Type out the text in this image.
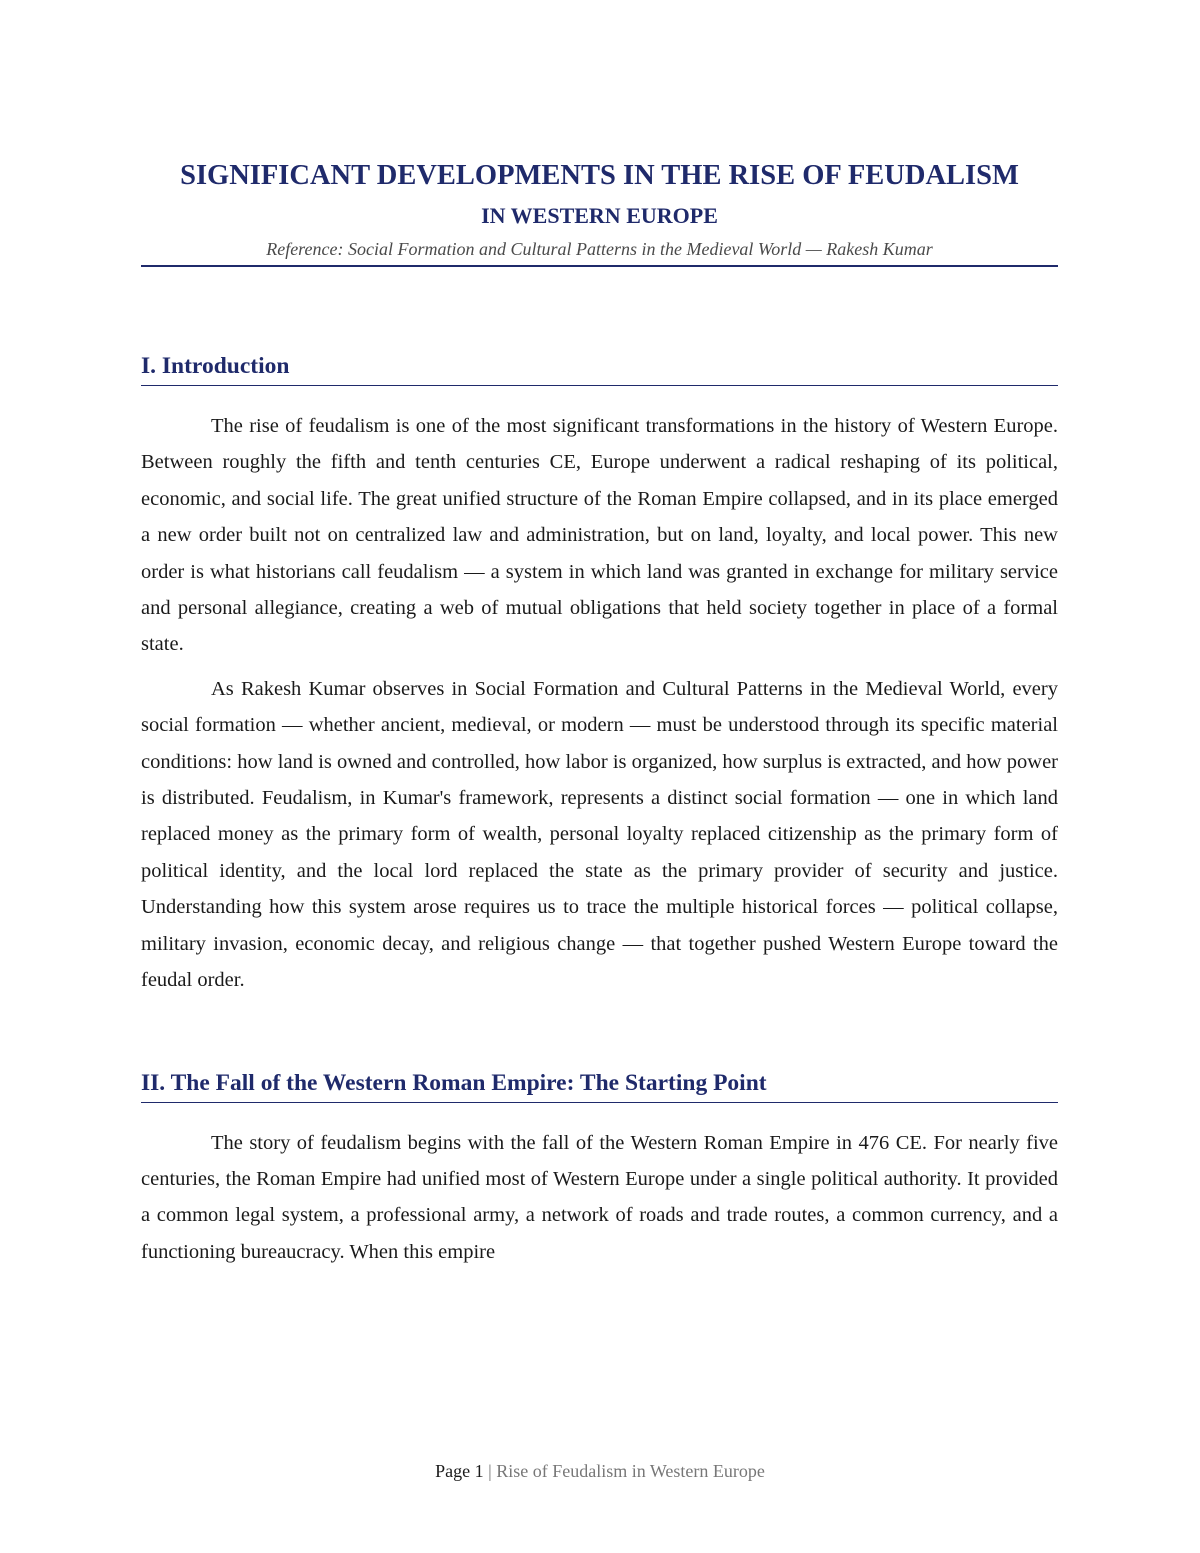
SIGNIFICANT DEVELOPMENTS IN THE RISE OF FEUDALISM
IN WESTERN EUROPE
Reference: Social Formation and Cultural Patterns in the Medieval World — Rakesh Kumar
I. Introduction

The rise of feudalism is one of the most significant transformations in the history of Western Europe. Between roughly the fifth and tenth centuries CE, Europe underwent a radical reshaping of its political, economic, and social life. The great unified structure of the Roman Empire collapsed, and in its place emerged a new order built not on centralized law and administration, but on land, loyalty, and local power. This new order is what historians call feudalism — a system in which land was granted in exchange for military service and personal allegiance, creating a web of mutual obligations that held society together in place of a formal state.

As Rakesh Kumar observes in Social Formation and Cultural Patterns in the Medieval World, every social formation — whether ancient, medieval, or modern — must be understood through its specific material conditions: how land is owned and controlled, how labor is organized, how surplus is extracted, and how power is distributed. Feudalism, in Kumar's framework, represents a distinct social formation — one in which land replaced money as the primary form of wealth, personal loyalty replaced citizenship as the primary form of political identity, and the local lord replaced the state as the primary provider of security and justice. Understanding how this system arose requires us to trace the multiple historical forces — political collapse, military invasion, economic decay, and religious change — that together pushed Western Europe toward the feudal order.

II. The Fall of the Western Roman Empire: The Starting Point

The story of feudalism begins with the fall of the Western Roman Empire in 476 CE. For nearly five centuries, the Roman Empire had unified most of Western Europe under a single political authority. It provided a common legal system, a professional army, a network of roads and trade routes, a common currency, and a functioning bureaucracy. When this empire

Page 1 | Rise of Feudalism in Western Europe
